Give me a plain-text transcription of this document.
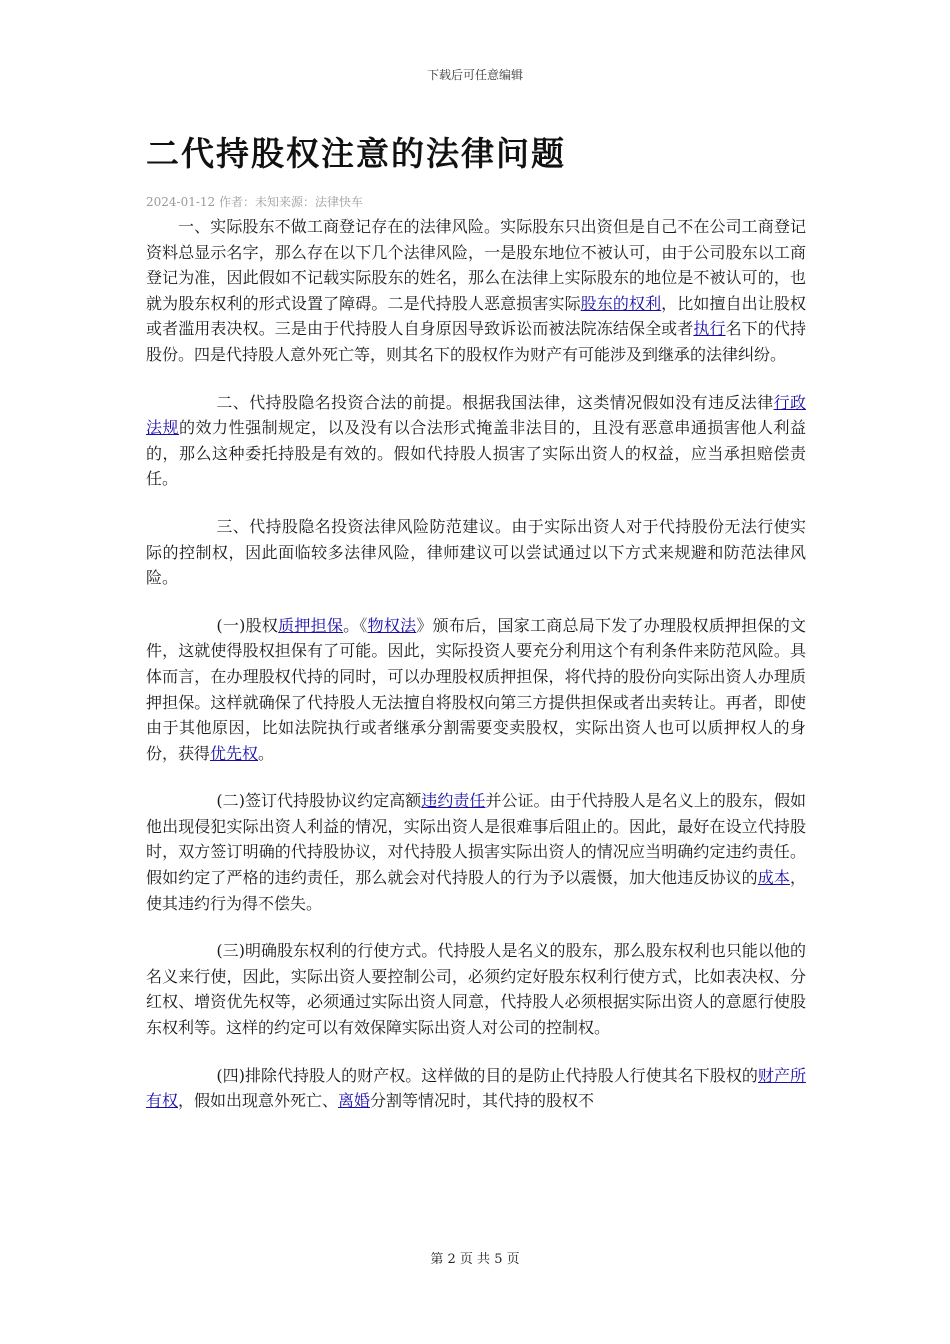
下载后可任意编辑
二代持股权注意的法律问题
2024-01-12 作者：未知来源：法律快车

一、实际股东不做工商登记存在的法律风险。实际股东只出资但是自己不在公司工商登记资料总显示名字，那么存在以下几个法律风险，一是股东地位不被认可，由于公司股东以工商登记为准，因此假如不记载实际股东的姓名，那么在法律上实际股东的地位是不被认可的，也就为股东权利的形式设置了障碍。二是代持股人恶意损害实际股东的权利，比如擅自出让股权或者滥用表决权。三是由于代持股人自身原因导致诉讼而被法院冻结保全或者执行名下的代持股份。四是代持股人意外死亡等，则其名下的股权作为财产有可能涉及到继承的法律纠纷。

二、代持股隐名投资合法的前提。根据我国法律，这类情况假如没有违反法律行政法规的效力性强制规定，以及没有以合法形式掩盖非法目的，且没有恶意串通损害他人利益的，那么这种委托持股是有效的。假如代持股人损害了实际出资人的权益，应当承担赔偿责任。

三、代持股隐名投资法律风险防范建议。由于实际出资人对于代持股份无法行使实际的控制权，因此面临较多法律风险，律师建议可以尝试通过以下方式来规避和防范法律风险。

(一)股权质押担保。《物权法》颁布后，国家工商总局下发了办理股权质押担保的文件，这就使得股权担保有了可能。因此，实际投资人要充分利用这个有利条件来防范风险。具体而言，在办理股权代持的同时，可以办理股权质押担保，将代持的股份向实际出资人办理质押担保。这样就确保了代持股人无法擅自将股权向第三方提供担保或者出卖转让。再者，即使由于其他原因，比如法院执行或者继承分割需要变卖股权，实际出资人也可以质押权人的身份，获得优先权。

(二)签订代持股协议约定高额违约责任并公证。由于代持股人是名义上的股东，假如他出现侵犯实际出资人利益的情况，实际出资人是很难事后阻止的。因此，最好在设立代持股时，双方签订明确的代持股协议，对代持股人损害实际出资人的情况应当明确约定违约责任。假如约定了严格的违约责任，那么就会对代持股人的行为予以震慑，加大他违反协议的成本，使其违约行为得不偿失。

(三)明确股东权利的行使方式。代持股人是名义的股东，那么股东权利也只能以他的名义来行使，因此，实际出资人要控制公司，必须约定好股东权利行使方式，比如表决权、分红权、增资优先权等，必须通过实际出资人同意，代持股人必须根据实际出资人的意愿行使股东权利等。这样的约定可以有效保障实际出资人对公司的控制权。

(四)排除代持股人的财产权。这样做的目的是防止代持股人行使其名下股权的财产所有权，假如出现意外死亡、离婚分割等情况时，其代持的股权不

第 2 页 共 5 页
